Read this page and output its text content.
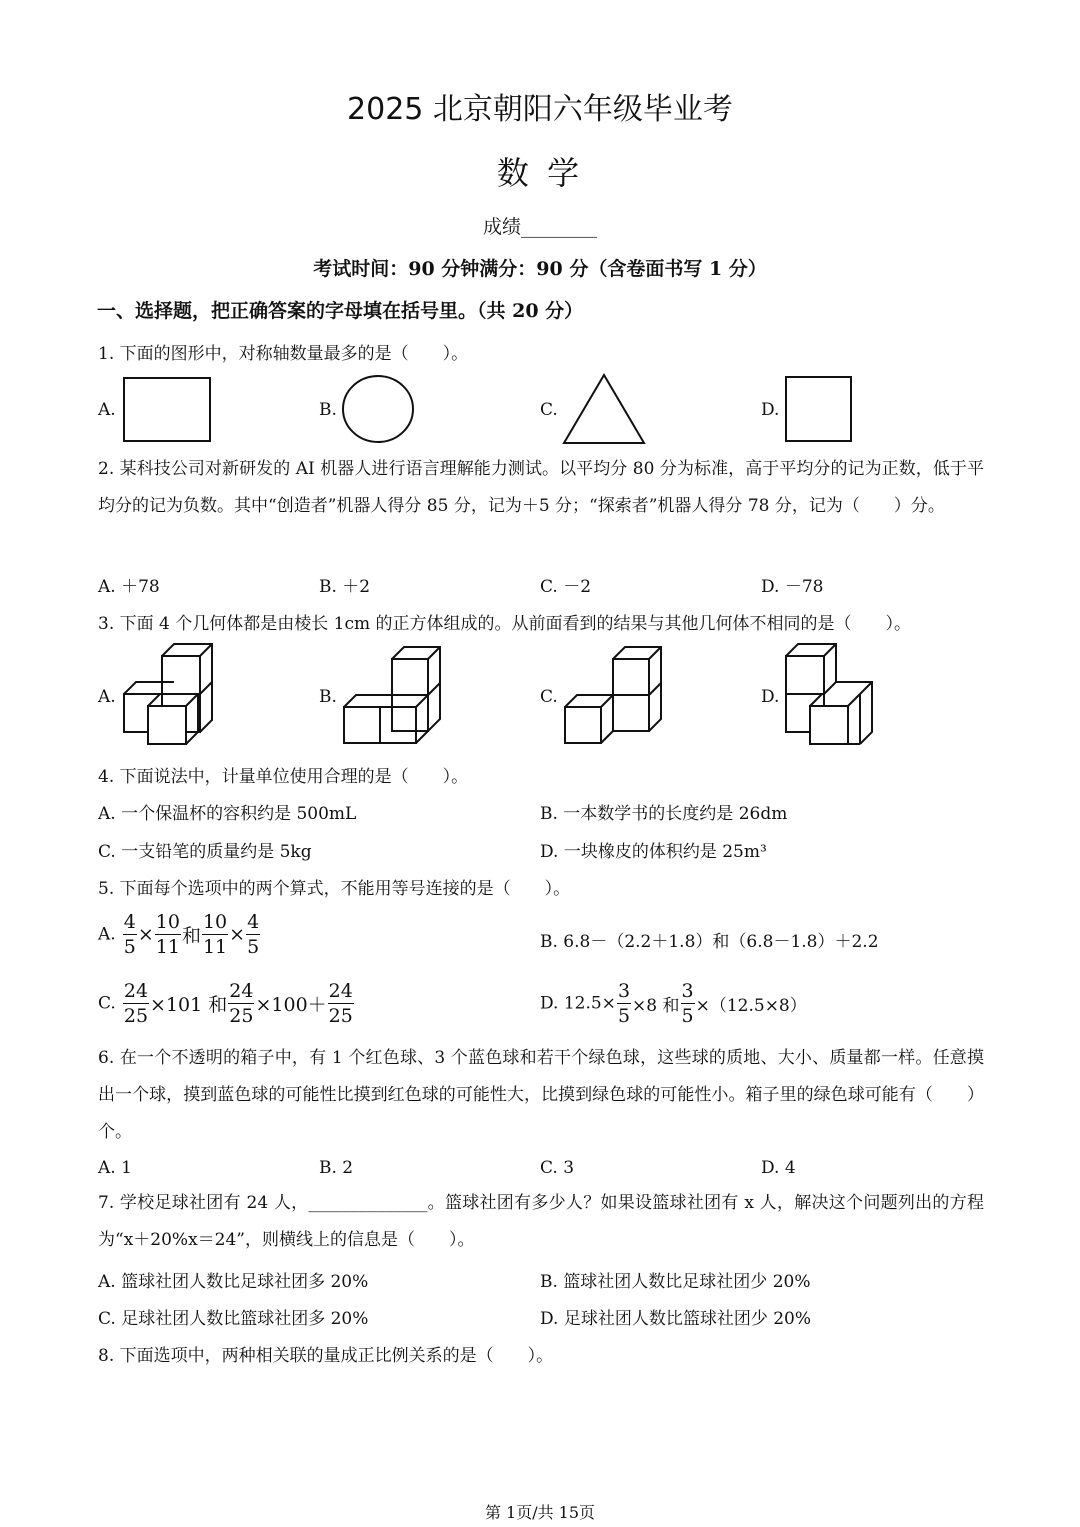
2025 北京朝阳六年级毕业考
数 学
成绩________
考试时间：90 分钟满分：90 分（含卷面书写 1 分）
一、选择题，把正确答案的字母填在括号里。（共 20 分）
1. 下面的图形中，对称轴数量最多的是（　　）。
A.	B.	C.	D.
2. 某科技公司对新研发的 AI 机器人进行语言理解能力测试。以平均分 80 分为标准，高于平均分的记为正数，低于平均分的记为负数。其中“创造者”机器人得分 85 分，记为＋5 分；“探索者”机器人得分 78 分，记为（　　）分。
A. ＋78	B. ＋2	C. －2	D. －78
3. 下面 4 个几何体都是由棱长 1cm 的正方体组成的。从前面看到的结果与其他几何体不相同的是（　　）。
A.	B.	C.	D.
4. 下面说法中，计量单位使用合理的是（　　）。
A. 一个保温杯的容积约是 500mL	B. 一本数学书的长度约是 26dm
C. 一支铅笔的质量约是 5kg	D. 一块橡皮的体积约是 25m³
5. 下面每个选项中的两个算式，不能用等号连接的是（　　）。
A. $\frac{4}{5} \times \frac{10}{11}$ 和 $\frac{10}{11} \times \frac{4}{5}$	B. 6.8－（2.2＋1.8）和（6.8－1.8）＋2.2
C. $\frac{24}{25} \times 101$ 和 $\frac{24}{25} \times 100+ \frac{24}{25}$	D. $12.5\times \frac{3}{5} \times 8$ 和 $\frac{3}{5} \times(12.5\times 8)$
6. 在一个不透明的箱子中，有 1 个红色球、3 个蓝色球和若干个绿色球，这些球的质地、大小、质量都一样。任意摸出一个球，摸到蓝色球的可能性比摸到红色球的可能性大，比摸到绿色球的可能性小。箱子里的绿色球可能有（　　）个。
A. 1	B. 2	C. 3	D. 4
7. 学校足球社团有 24 人，______________。篮球社团有多少人？如果设篮球社团有 x 人，解决这个问题列出的方程为“x＋20%x＝24”，则横线上的信息是（　　）。
A. 篮球社团人数比足球社团多 20%	B. 篮球社团人数比足球社团少 20%
C. 足球社团人数比篮球社团多 20%	D. 足球社团人数比篮球社团少 20%
8. 下面选项中，两种相关联的量成正比例关系的是（　　）。
第 1页/共 15页
